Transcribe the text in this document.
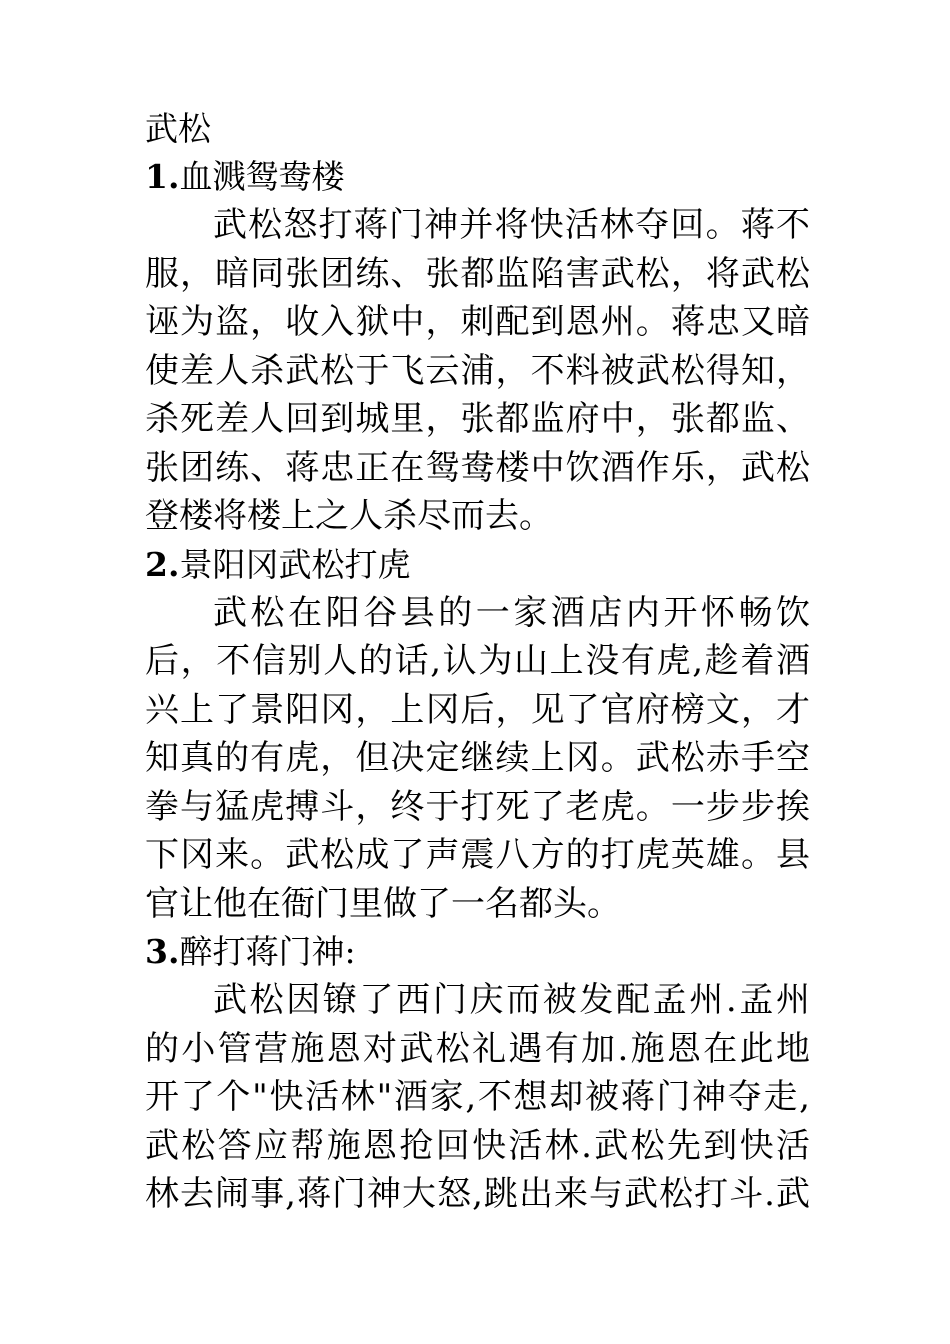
武松
1.血溅鸳鸯楼
武松怒打蒋门神并将快活林夺回。蒋不
服，暗同张团练、张都监陷害武松，将武松
诬为盗，收入狱中，刺配到恩州。蒋忠又暗
使差人杀武松于飞云浦，不料被武松得知，
杀死差人回到城里，张都监府中，张都监、
张团练、蒋忠正在鸳鸯楼中饮酒作乐，武松
登楼将楼上之人杀尽而去。
2.景阳冈武松打虎
武松在阳谷县的一家酒店内开怀畅饮
后，不信别人的话,认为山上没有虎,趁着酒
兴上了景阳冈，上冈后，见了官府榜文，才
知真的有虎，但决定继续上冈。武松赤手空
拳与猛虎搏斗，终于打死了老虎。一步步挨
下冈来。武松成了声震八方的打虎英雄。县
官让他在衙门里做了一名都头。
3.醉打蒋门神:
武松因镣了西门庆而被发配孟州.孟州
的小管营施恩对武松礼遇有加.施恩在此地
开了个"快活林"酒家,不想却被蒋门神夺走,
武松答应帮施恩抢回快活林.武松先到快活
林去闹事,蒋门神大怒,跳出来与武松打斗.武
